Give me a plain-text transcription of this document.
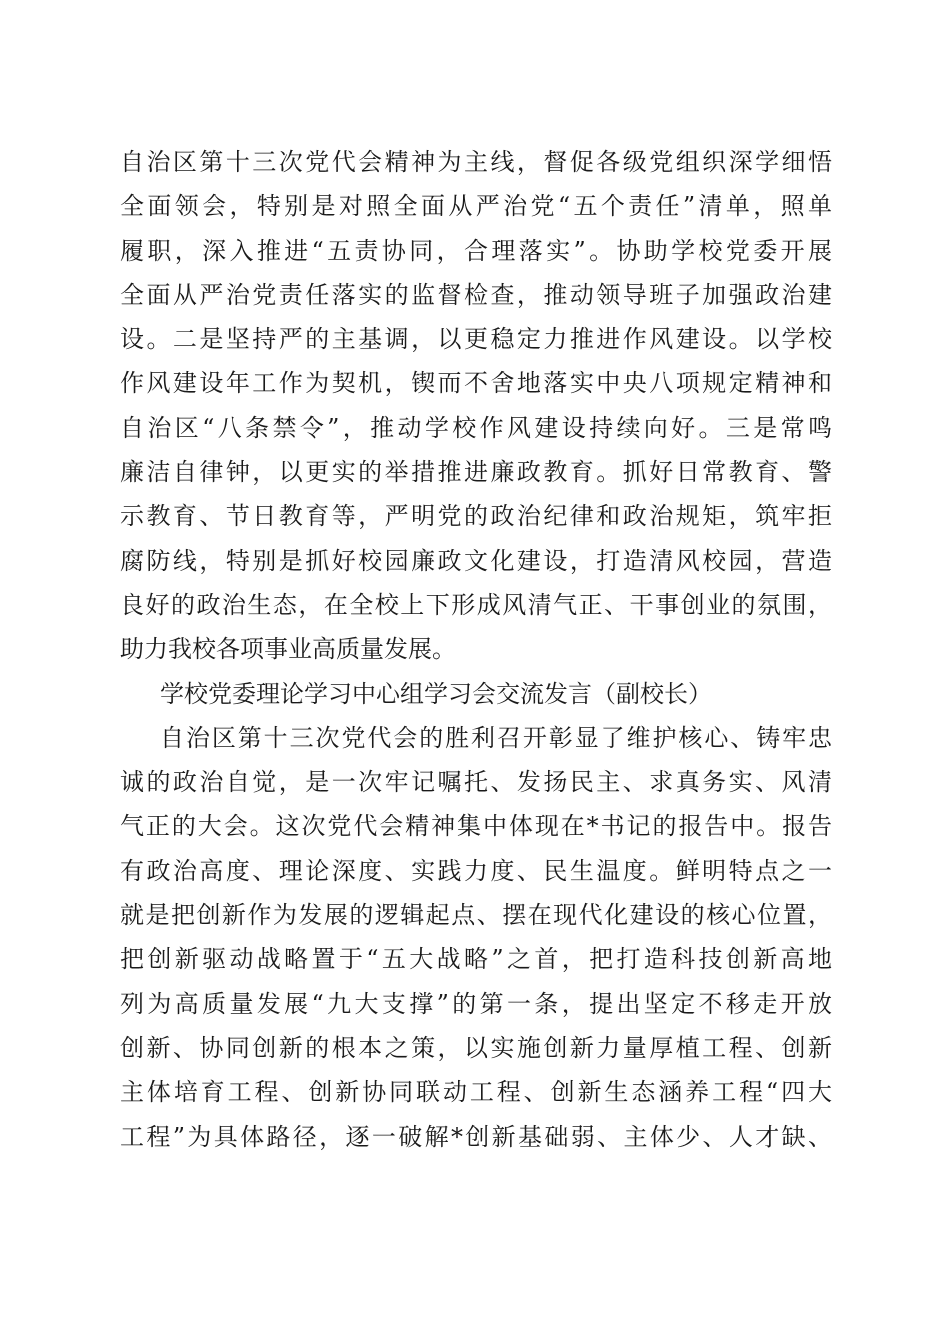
自治区第十三次党代会精神为主线，督促各级党组织深学细悟
全面领会，特别是对照全面从严治党“五个责任”清单，照单
履职，深入推进“五责协同，合理落实”。协助学校党委开展
全面从严治党责任落实的监督检查，推动领导班子加强政治建
设。二是坚持严的主基调，以更稳定力推进作风建设。以学校
作风建设年工作为契机，锲而不舍地落实中央八项规定精神和
自治区“八条禁令”，推动学校作风建设持续向好。三是常鸣
廉洁自律钟，以更实的举措推进廉政教育。抓好日常教育、警
示教育、节日教育等，严明党的政治纪律和政治规矩，筑牢拒
腐防线，特别是抓好校园廉政文化建设，打造清风校园，营造
良好的政治生态，在全校上下形成风清气正、干事创业的氛围，
助力我校各项事业高质量发展。
学校党委理论学习中心组学习会交流发言（副校长）
自治区第十三次党代会的胜利召开彰显了维护核心、铸牢忠
诚的政治自觉，是一次牢记嘱托、发扬民主、求真务实、风清
气正的大会。这次党代会精神集中体现在*书记的报告中。报告
有政治高度、理论深度、实践力度、民生温度。鲜明特点之一
就是把创新作为发展的逻辑起点、摆在现代化建设的核心位置，
把创新驱动战略置于“五大战略”之首，把打造科技创新高地
列为高质量发展“九大支撑”的第一条，提出坚定不移走开放
创新、协同创新的根本之策，以实施创新力量厚植工程、创新
主体培育工程、创新协同联动工程、创新生态涵养工程“四大
工程”为具体路径，逐一破解*创新基础弱、主体少、人才缺、
